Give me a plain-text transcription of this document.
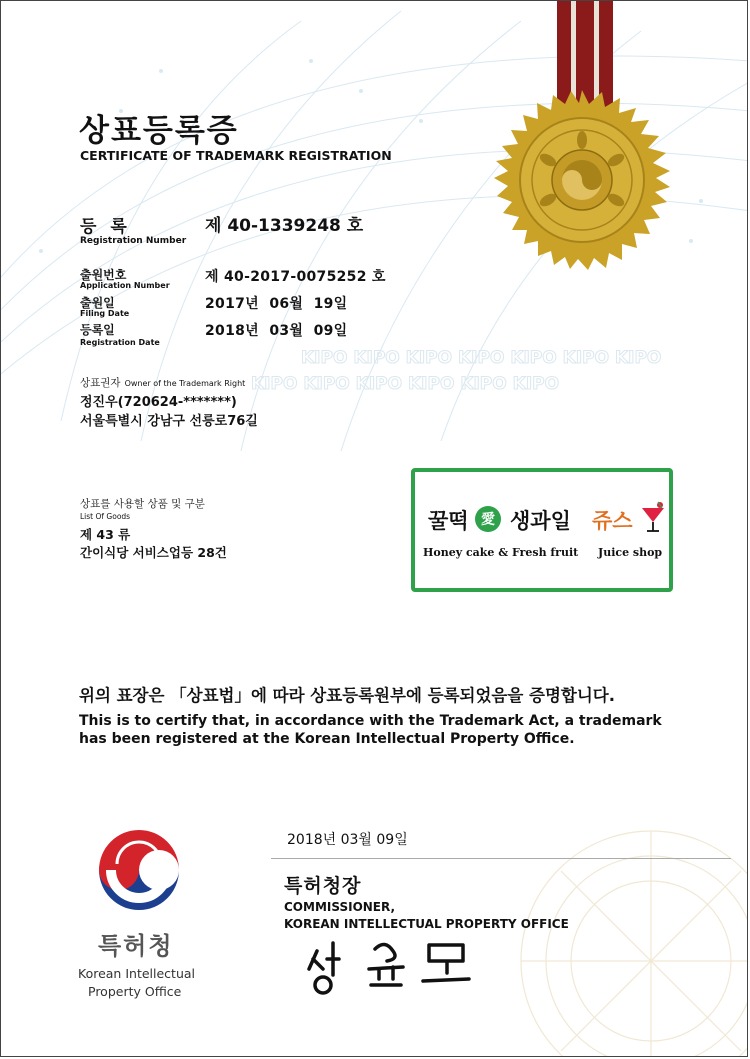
KIPO KIPO KIPO KIPO KIPO KIPO KIPO
KIPO KIPO KIPO KIPO KIPO KIPO
상표등록증
CERTIFICATE OF TRADEMARK REGISTRATION
등 록
Registration Number
제 40-1339248 호
출원번호
Application Number
제 40-2017-0075252 호
출원일
Filing Date
2017년  06월  19일
등록일
Registration Date
2018년  03월  09일
상표권자 Owner of the Trademark Right
정진우(720624-*******)
서울특별시 강남구 선릉로76길
상표를 사용할 상품 및 구분
List Of Goods
제 43 류
간이식당 서비스업등 28건
꿀떡 愛 생과일 쥬스
Honey cake & Fresh fruit Juice shop
위의 표장은 「상표법」에 따라 상표등록원부에 등록되었음을 증명합니다.
This is to certify that, in accordance with the Trademark Act, a trademark
has been registered at the Korean Intellectual Property Office.
2018년 03월 09일
특허청장
COMMISSIONER,
KOREAN INTELLECTUAL PROPERTY OFFICE
특허청
Korean Intellectual
Property Office
